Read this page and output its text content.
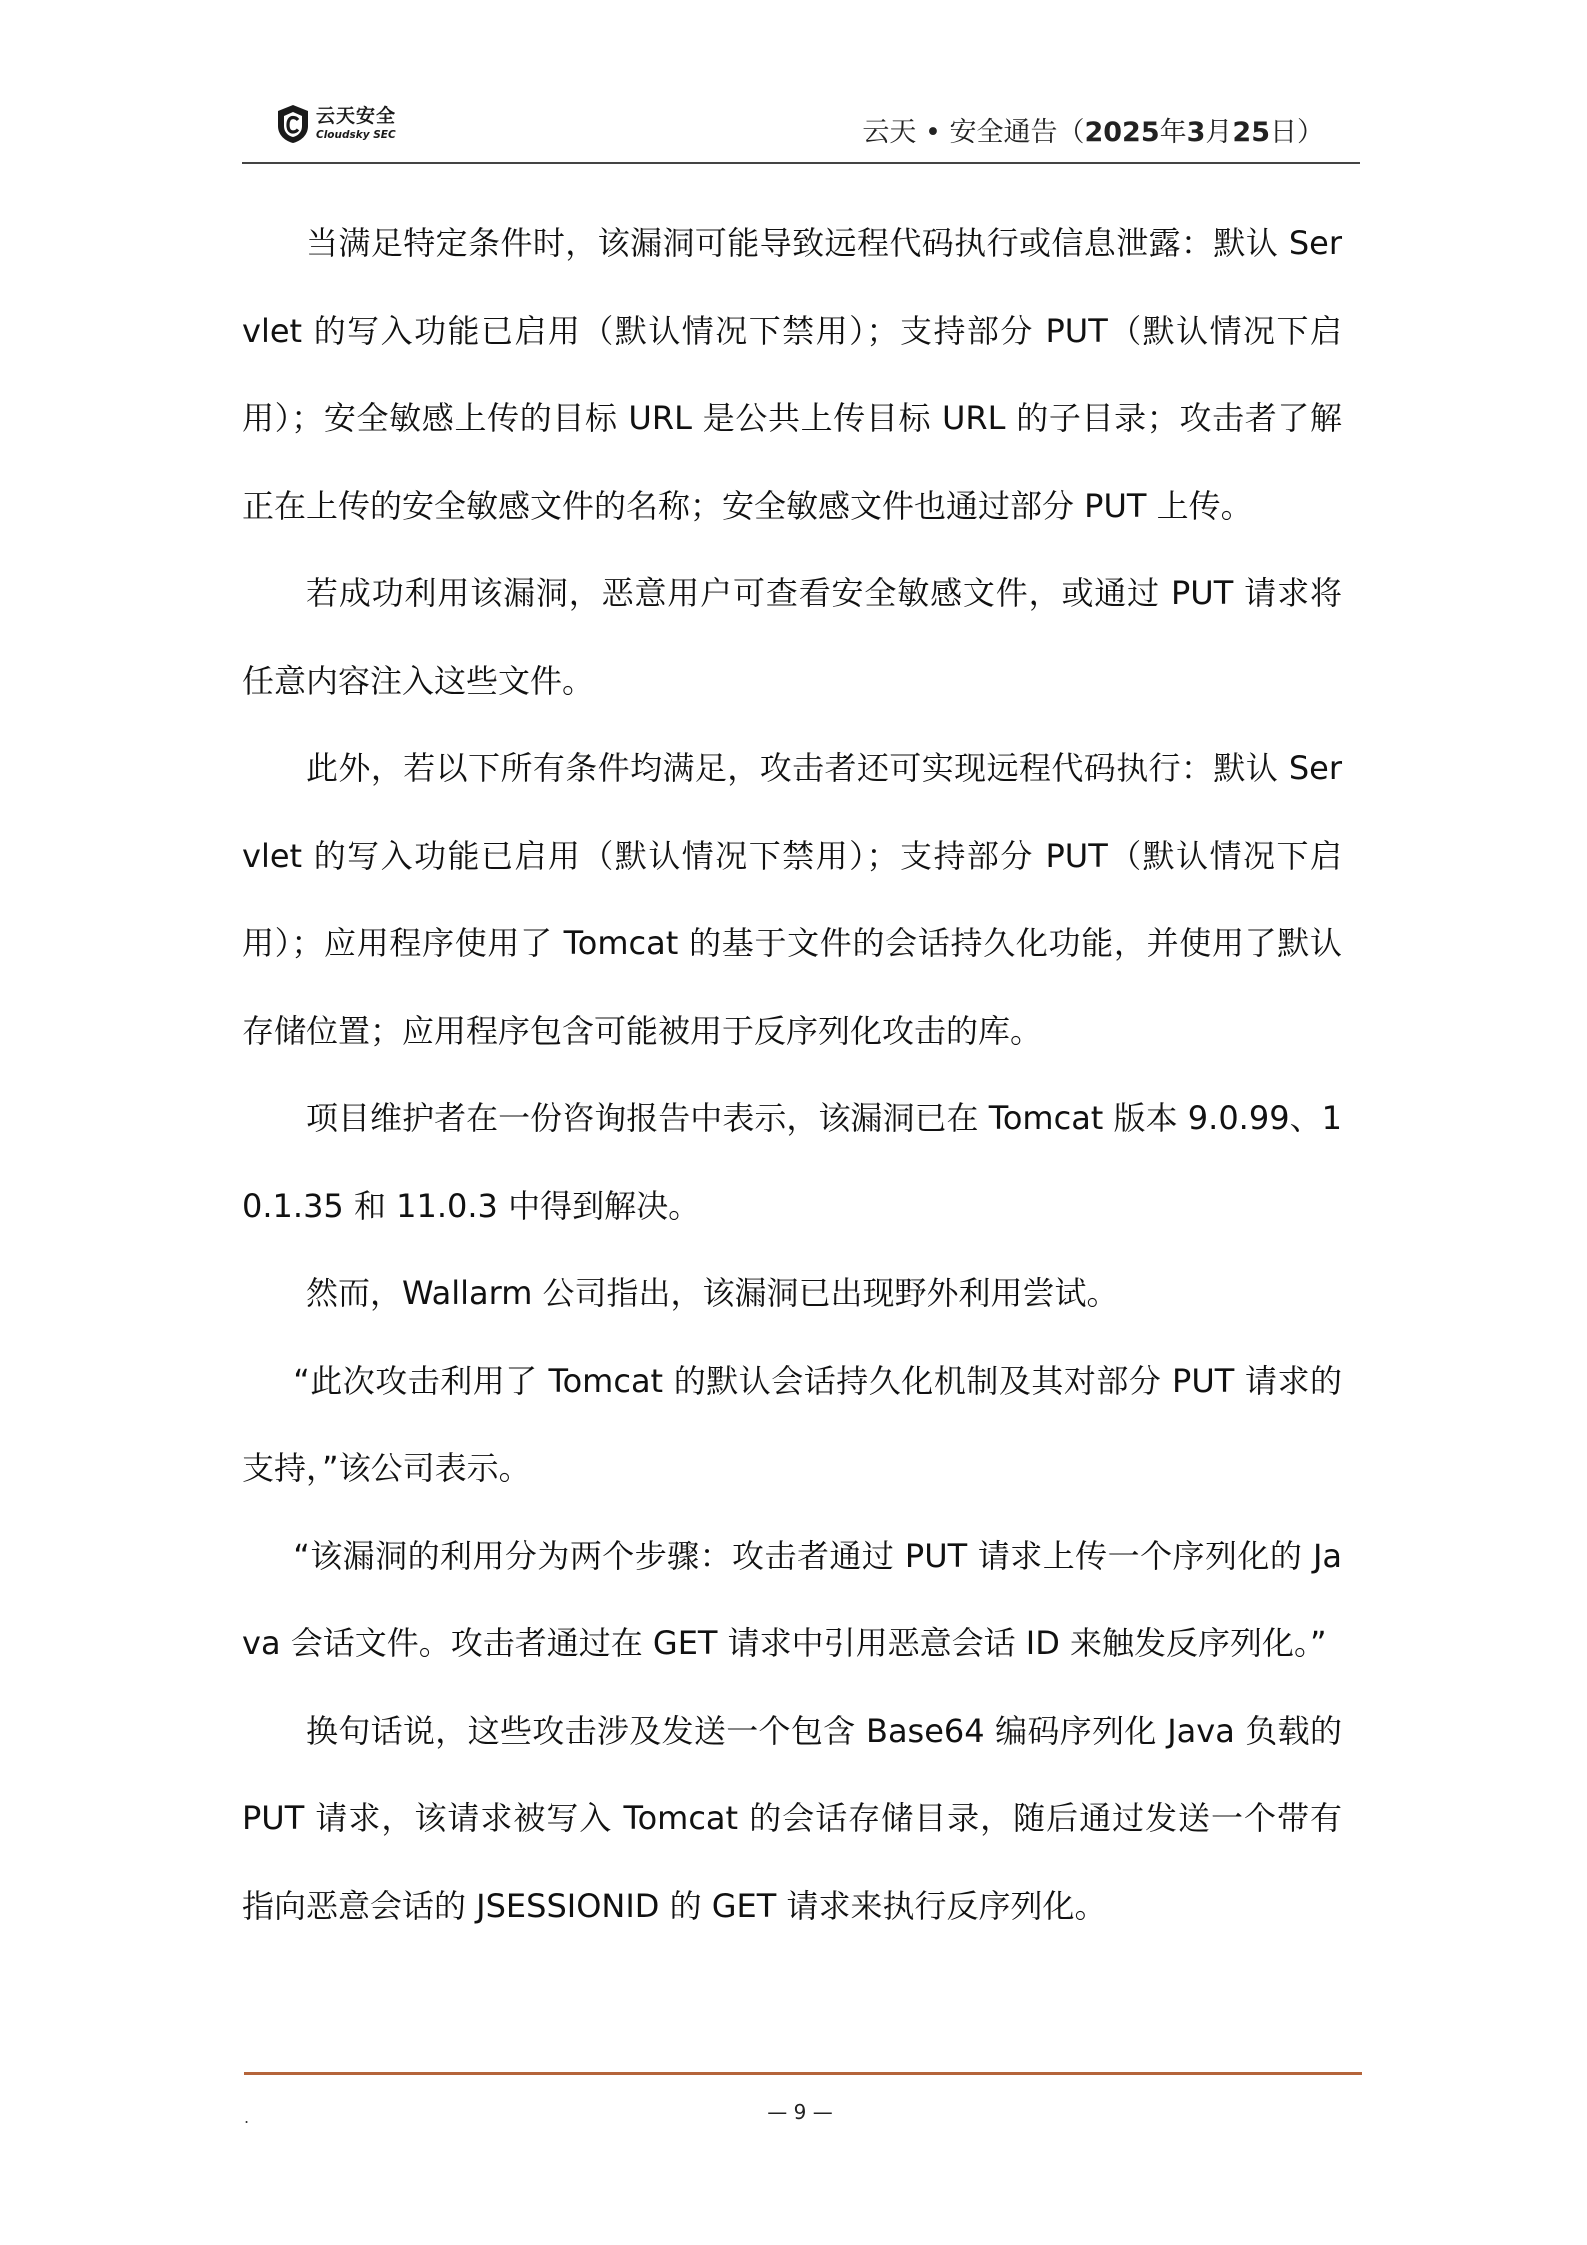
云天安全
Cloudsky SEC	云天 • 安全通告（2025年3月25日）

当满足特定条件时，该漏洞可能导致远程代码执行或信息泄露：默认 Servlet 的写入功能已启用（默认情况下禁用）；支持部分 PUT（默认情况下启用）；安全敏感上传的目标 URL 是公共上传目标 URL 的子目录；攻击者了解正在上传的安全敏感文件的名称；安全敏感文件也通过部分 PUT 上传。

若成功利用该漏洞，恶意用户可查看安全敏感文件，或通过 PUT 请求将任意内容注入这些文件。

此外，若以下所有条件均满足，攻击者还可实现远程代码执行：默认 Servlet 的写入功能已启用（默认情况下禁用）；支持部分 PUT（默认情况下启用）；应用程序使用了 Tomcat 的基于文件的会话持久化功能，并使用了默认存储位置；应用程序包含可能被用于反序列化攻击的库。

项目维护者在一份咨询报告中表示，该漏洞已在 Tomcat 版本 9.0.99、10.1.35 和 11.0.3 中得到解决。

然而，Wallarm 公司指出，该漏洞已出现野外利用尝试。

“此次攻击利用了 Tomcat 的默认会话持久化机制及其对部分 PUT 请求的支持，”该公司表示。

“该漏洞的利用分为两个步骤：攻击者通过 PUT 请求上传一个序列化的 Java 会话文件。攻击者通过在 GET 请求中引用恶意会话 ID 来触发反序列化。”

换句话说，这些攻击涉及发送一个包含 Base64 编码序列化 Java 负载的 PUT 请求，该请求被写入 Tomcat 的会话存储目录，随后通过发送一个带有指向恶意会话的 JSESSIONID 的 GET 请求来执行反序列化。

.	— 9 —
